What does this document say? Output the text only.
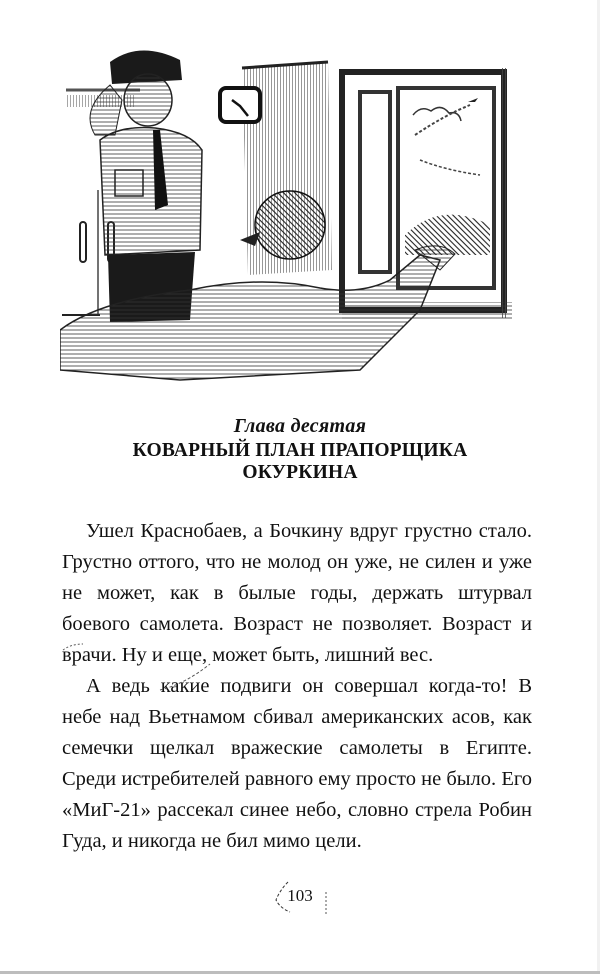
Глава десятая
КОВАРНЫЙ ПЛАН ПРАПОРЩИКА
ОКУРКИНА

Ушел Краснобаев, а Бочкину вдруг грустно стало. Грустно оттого, что не молод он уже, не силен и уже не может, как в былые годы, держать штурвал боевого самолета. Возраст не позволяет. Возраст и врачи. Ну и еще, может быть, лишний вес.

А ведь какие подвиги он совершал когда-то! В небе над Вьетнамом сбивал американских асов, как семечки щелкал вражеские самолеты в Египте. Среди истребителей равного ему просто не было. Его «МиГ-21» рассекал синее небо, словно стрела Робин Гуда, и никогда не бил мимо цели.

103
